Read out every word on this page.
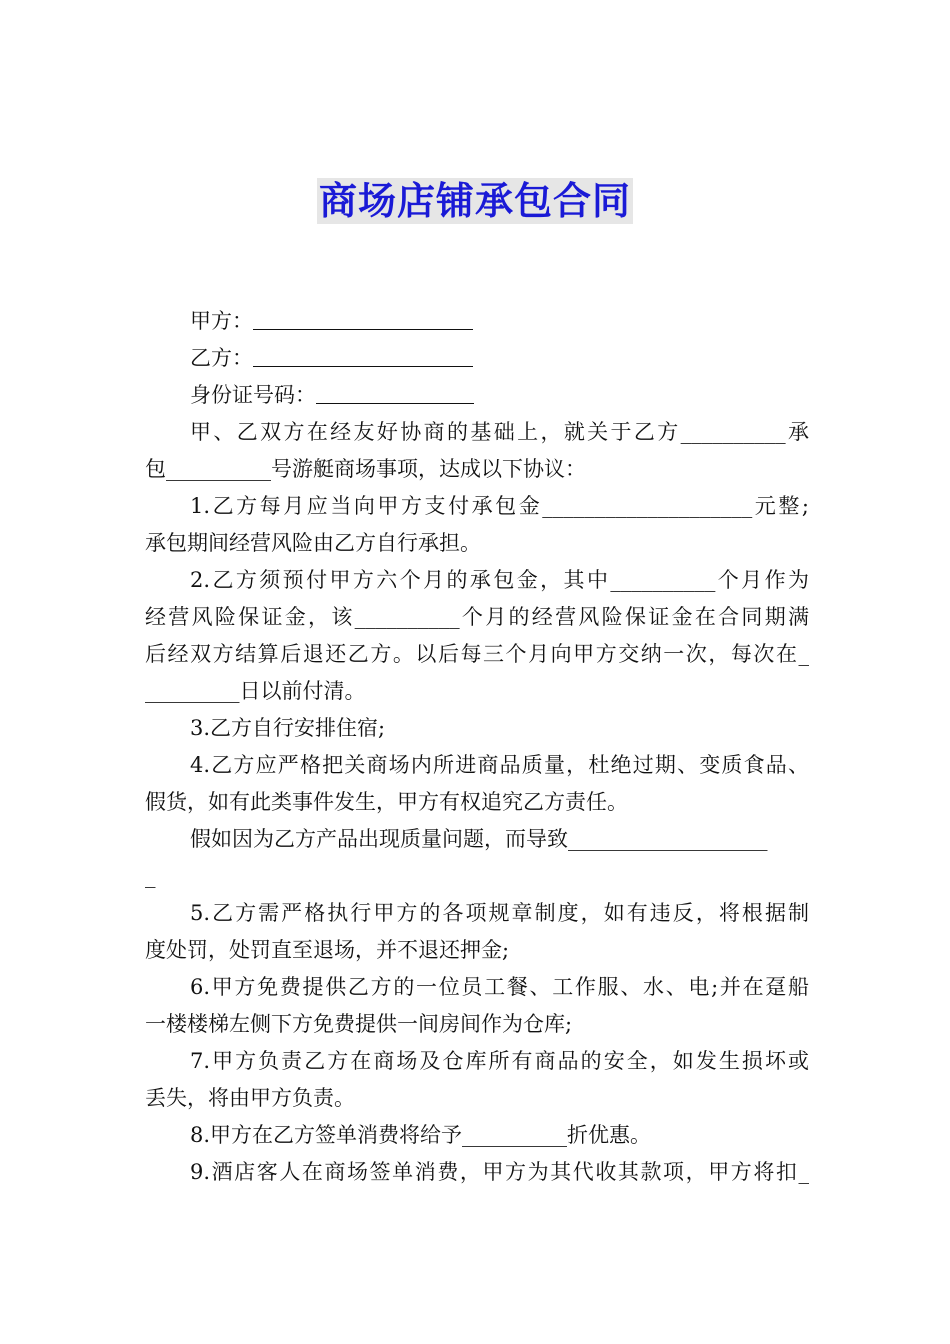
商场店铺承包合同
甲方：
乙方：
身份证号码：
甲、乙双方在经友好协商的基础上，就关于乙方__________承
包__________号游艇商场事项，达成以下协议：
1.乙方每月应当向甲方支付承包金____________________元整;
承包期间经营风险由乙方自行承担。
2.乙方须预付甲方六个月的承包金，其中__________个月作为
经营风险保证金，该__________个月的经营风险保证金在合同期满
后经双方结算后退还乙方。以后每三个月向甲方交纳一次，每次在_
_________日以前付清。
3.乙方自行安排住宿;
4.乙方应严格把关商场内所进商品质量，杜绝过期、变质食品、
假货，如有此类事件发生，甲方有权追究乙方责任。
假如因为乙方产品出现质量问题，而导致___________________
_
5.乙方需严格执行甲方的各项规章制度，如有违反，将根据制
度处罚，处罚直至退场，并不退还押金;
6.甲方免费提供乙方的一位员工餐、工作服、水、电;并在趸船
一楼楼梯左侧下方免费提供一间房间作为仓库;
7.甲方负责乙方在商场及仓库所有商品的安全，如发生损坏或
丢失，将由甲方负责。
8.甲方在乙方签单消费将给予__________折优惠。
9.酒店客人在商场签单消费，甲方为其代收其款项，甲方将扣_
